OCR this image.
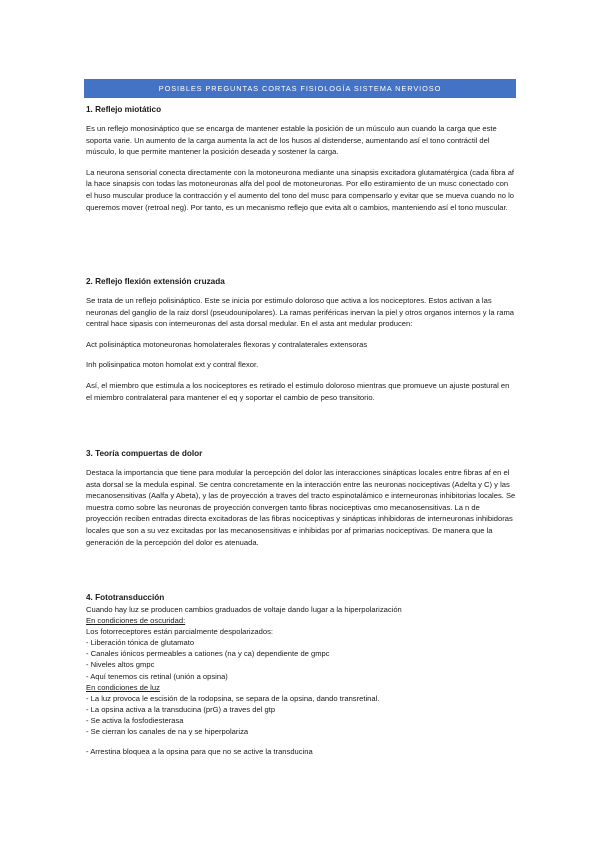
POSIBLES PREGUNTAS CORTAS FISIOLOGÍA SISTEMA NERVIOSO
1. Reflejo miotático
Es un reflejo monosináptico que se encarga de mantener estable la posición de un músculo aun cuando la carga que este soporta varie. Un aumento de la carga aumenta la act de los husos al distenderse, aumentando así el tono contráctil del músculo, lo que permite mantener la posición deseada y sostener la carga.
La neurona sensorial conecta directamente con la motoneurona mediante una sinapsis excitadora glutamatérgica (cada fibra af la hace sinapsis con todas las motoneuronas alfa del pool de motoneuronas. Por ello estiramiento de un musc conectado con el huso muscular produce la contracción y el aumento del tono del musc para compensarlo y evitar que se mueva cuando no lo queremos mover (retroal neg). Por tanto, es un mecanismo reflejo que evita alt o cambios, manteniendo así el tono muscular.
2. Reflejo flexión extensión cruzada
Se trata de un reflejo polisináptico. Este se inicia por estimulo doloroso que activa a los nociceptores. Estos activan a las neuronas del ganglio de la raiz dorsl (pseudounipolares). La ramas periféricas inervan la piel y otros organos internos y la rama central hace sipasis con interneuronas del asta dorsal medular. En el asta ant medular producen:
Act polisináptica motoneuronas homolaterales flexoras y contralaterales extensoras
Inh polisinpatica moton homolat ext y contral flexor.
Así, el miembro que estimula a los nociceptores es retirado el estimulo doloroso mientras que promueve un ajuste postural en el miembro contralateral para mantener el eq y soportar el cambio de peso transitorio.
3. Teoría compuertas de dolor
Destaca la importancia que tiene para modular la percepción del dolor las interacciones sinápticas locales entre fibras af en el asta dorsal se la medula espinal. Se centra concretamente en la interacción entre las neuronas nociceptivas (Adelta y C) y las mecanosensitivas (Aalfa y Abeta), y las de proyección a traves del tracto espinotalámico e interneuronas inhibitorias locales. Se muestra como sobre las neuronas de proyección convergen tanto fibras nociceptivas cmo mecanosensitivas. La n de proyección reciben entradas directa excitadoras de las fibras nociceptivas y sinápticas inhibidoras de interneuronas inhibidoras locales que son a su vez excitadas por las mecanosensitivas e inhibidas por af primarias nociceptivas. De manera que la generación de la percepción del dolor es atenuada.
4. Fototransducción
Cuando hay luz se producen cambios graduados de voltaje dando lugar a la hiperpolarización
En condiciones de oscuridad:
Los fotorreceptores están parcialmente despolarizados:
- Liberación tónica de glutamato
- Canales iónicos permeables a cationes (na y ca) dependiente de gmpc
- Niveles altos gmpc
- Aquí tenemos cis retinal (unión a opsina)
En condiciones de luz
- La luz provoca le escisión de la rodopsina, se separa de la opsina, dando transretinal.
- La opsina activa a la transducina (prG) a traves del gtp
- Se activa la fosfodiesterasa
- Se cierran los canales de na y se hiperpolariza
- Arrestina bloquea a la opsina para que no se active la transducina
